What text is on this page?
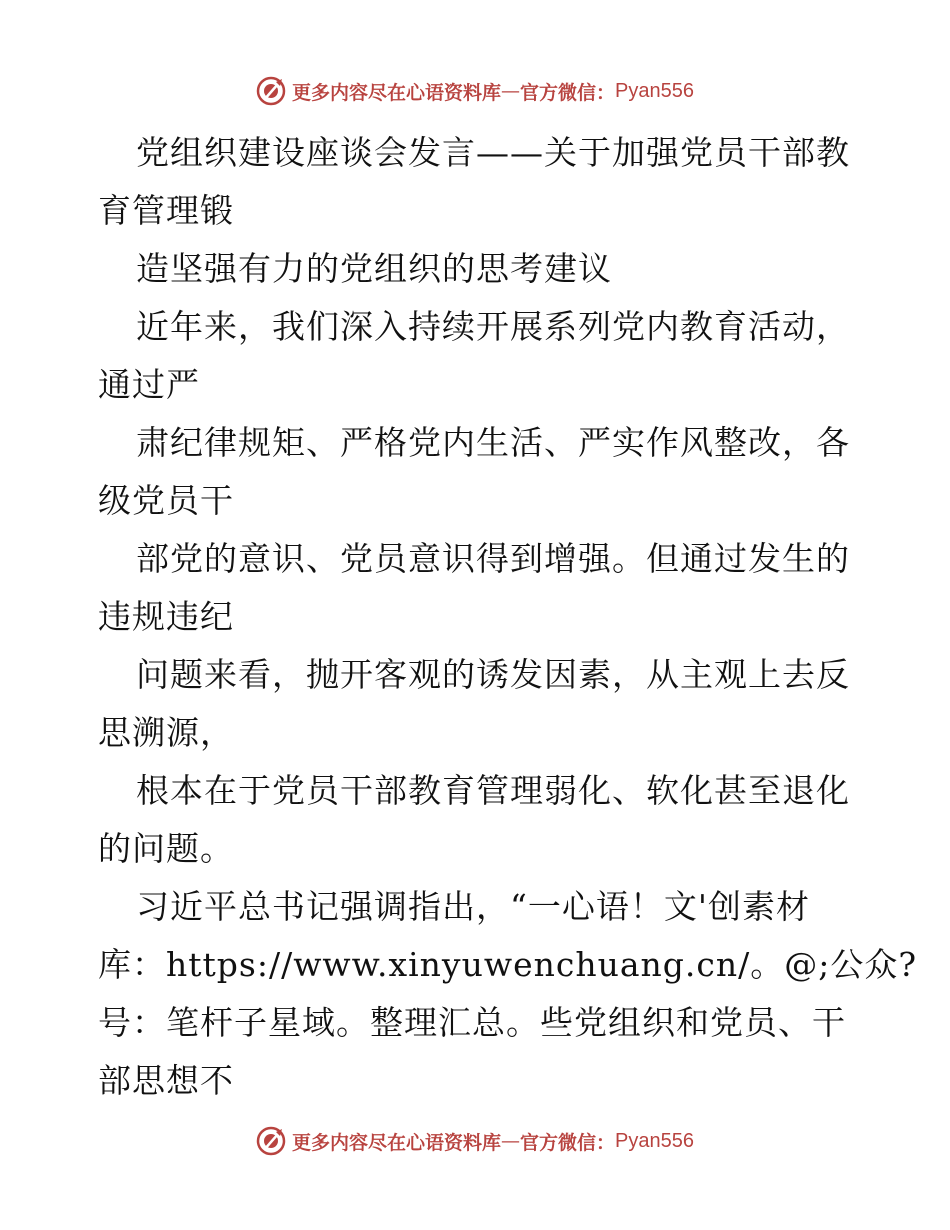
更多内容尽在心语资料库 — 官方微信： Pyan556
党组织建设座谈会发言——关于加强党员干部教
育管理锻
造坚强有力的党组织的思考建议
近年来，我们深入持续开展系列党内教育活动，
通过严
肃纪律规矩、严格党内生活、严实作风整改，各
级党员干
部党的意识、党员意识得到增强。但通过发生的
违规违纪
问题来看，抛开客观的诱发因素，从主观上去反
思溯源，
根本在于党员干部教育管理弱化、软化甚至退化
的问题。
习近平总书记强调指出，“一心语！文'创素材
库：https://www.xinyuwenchuang.cn/。@;公众?
号：笔杆子星域。整理汇总。些党组织和党员、干
部思想不
更多内容尽在心语资料库 — 官方微信： Pyan556
